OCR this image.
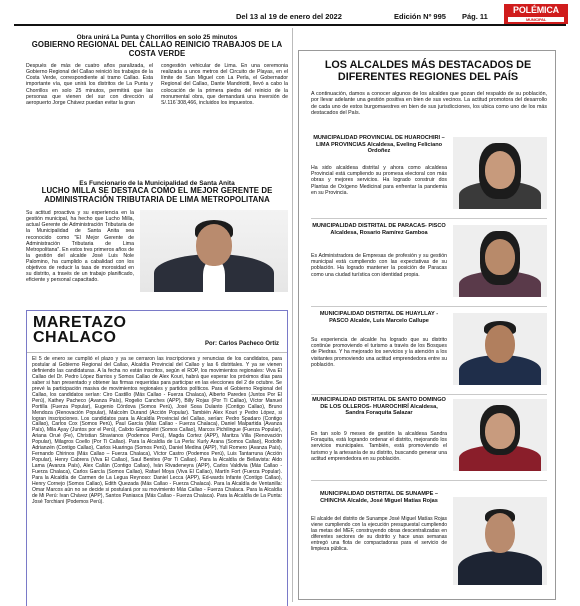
Del 13 al 19 de enero del 2022	Edición Nº 995 Pág. 11
POLÉMICA
MUNICIPAL
Obra unirá La Punta y Chorrillos en solo 25 minutos
GOBIERNO REGIONAL DEL CALLAO REINICIO TRABAJOS DE LA COSTA VERDE
Después de más de cuatro años paralizada, el Gobierno Regional del Callao reinició los trabajos de la Costa Verde, correspondiente al tramo Callao. Esta importante vía, que unirá los distritos de La Punta y Chorrillos en solo 25 minutos, permitirá que las personas que vienen del sur con dirección al aeropuerto Jorge Chávez puedan evitar la gran
congestión vehicular de Lima. En una ceremonia realizada a unos metros del Circuito de Playas, en el límite de San Miguel con La Perla, el Gobernador Regional del Callao, Dante Mandriotti, llevó a cabo la colocación de la primera piedra del reinicio de la monumental obra, que demandará una inversión de S/.116´308,466, incluidos los impuestos.
Es Funcionario de la Municipalidad de Santa Anita
LUCHO MILLA SE DESTACA COMO EL MEJOR GERENTE DE ADMINISTRACIÓN TRIBUTARIA DE LIMA METROPOLITANA
Su actitud proactiva y su experiencia en la gestión municipal, ha hecho que Lucho Milla, actual Gerente de Administración Tributaria de la Municipalidad de Santa Anita sea reconocido como "El Mejor Gerente de Administración Tributaria de Lima Metropolitana". En estos tres primeros años de la gestión del alcalde José Luis Nole Palomino, ha cumplido a cabalidad con los objetivos de reducir la tasa de morosidad en su distrito, a través de un trabajo planificado, eficiente y personal capacitado.
MARETAZO
CHALACO	Por: Carlos Pacheco Ortiz
El 5 de enero se cumplió el plazo y ya se cerraron las inscripciones y renuncias de los candidatos, para postular al Gobierno Regional del Callao, Alcaldía Provincial del Callao y las 6 distritales. Y ya se vienen definiendo las candidaturas. A la fecha no están inscritos, según el ROP, los movimientos regionales: Viva El Callao del Dr. Pedro López Barrios y Somos Callao de Alex Kouri, habrá que esperar los próximos días para saber si han presentado y obtener las firmas requeridas para participar en las elecciones del 2 de octubre. Se prevé la participación masiva de movimientos regionales y partidos políticos. Para el Gobierno Regional del Callao, los candidatos serían: Ciro Castillo (Más Callao - Fuerza Chalaca), Alberto Paredes (Juntos Por El Perú), Kathey Pacheco (Avanza País), Rogelio Canches (APP), Billy Rojas (Por Ti Callao), Víctor Manuel Portilla (Fuerza Popular), Eugenio Córdova (Somos Perú), José Sosa Dulanto (Contigo Callao), Bruno Mendoza (Renovación Popular), Malcolm Durand (Acción Popular). También Alex Kouri y Pedro López, si logran inscripciones. Los candidatos para la Alcaldía Provincial del Callao, serían: Pedro Spadaro (Contigo Callao), Carlos Cox (Somos Perú), Paul García (Más Callao - Fuerza Chalaca), Daniel Malpartida (Avanza País), Mila Ayay (Juntos por el Perú), Calixto Giampietri (Somos Callao), Marcos Pichilingue (Fuerza Popular), Ariana Orué (Fe), Christian Stravianos (Podemos Perú), Magda Cortez (APP), Maritza Villa (Renovación Popular), Milagros Coello (Por Ti Callao). Para la Alcaldía de La Perla: Kurly Arana (Somos Callao), Rodolfo Adrianzén (Contigo Callao), Carlos Huaringa (Somos Perú), Daniel Medina (APP), Yuli Romero (Avanza País), Fernando Chirinos (Más Callao – Fuerza Chalaca), Víctor Castro (Podemos Perú), Luis Tantarruna (Acción Popular), Henry Cabrera (Viva El Callao), Saul Benites (Por Ti Callao). Para la Alcaldía de Bellavista: Aldo Lama (Avanza País), Alex Callán (Contigo Callao), Iván Rivadeneyra (APP), Carlos Valdivia (Más Callao - Fuerza Chalaca), Carlos García (Somos Callao), Rafael Moya (Viva El Callao), Martín Fort (Fuerza Popular). Para la Alcaldía de Carmen de La Legua Reynoso: Daniel Lecca (APP), Ed-wards Infante (Contigo Callao), Henry Cornejo (Somos Callao), Edith Quezada (Más Callao - Fuerza Chalaca). Para la Alcaldía de Ventanilla: Omar Marcos aún no se decide si postulará por su movimiento Más Callao - Fuerza Chalaca. Para la Alcaldía de Mi Perú: Ivan Chávez (APP), Santos Paniasca (Más Callao - Fuerza Chalaca). Para la Alcaldía de La Punta: José Torchiani (Podemos Perú).
LOS ALCALDES MÁS DESTACADOS DE DIFERENTES REGIONES DEL PAÍS
A continuación, damos a conocer algunos de los alcaldes que gozan del respaldo de su población, por llevar adelante una gestión positiva en bien de sus vecinos. La actitud promotora del desarrollo de cada uno de estos burgomaestres en bien de sus jurisdicciones, los ubica como uno de los más destacados del País.
MUNICIPALIDAD PROVINCIAL DE HUAROCHIRI – LIMA PROVINCIAS Alcaldesa, Eveling Feliciano Ordoñez
Ha sido alcaldesa distrital y ahora como alcaldesa Provincial está cumpliendo su promesa electoral con más obras y mejores servicios. Ha logrado construir dos Plantas de Oxígeno Medicinal para enfrentar la pandemia en su Provincia.
MUNICIPALIDAD DISTRITAL DE PARACAS- PISCO Alcaldesa, Rosario Ramírez Gamboa
Es Administradora de Empresas de profesión y su gestión municipal está cumpliendo con las expectativas de su población. Ha logrado mantener la posición de Paracas como una ciudad turística con identidad propia.
MUNICIPALIDAD DISTRITAL DE HUAYLLAY - PASCO Alcalde, Luis Marcelo Callupe
Su experiencia de alcalde ha logrado que su distrito continúe promoviendo el turismo a través de los Bosques de Piedras. Y ha mejorado los servicios y la atención a los visitantes promoviendo una actitud emprendedora entre su población.
MUNICIPALIDAD DISTRITAL DE SANTO DOMINGO DE LOS OLLEROS- HUAROCHIRÍ Alcaldesa, Sandra Foraquita Salazar
En tan solo 9 meses de gestión la alcaldesa Sandra Foraquita, está logrando ordenar el distrito, mejorando los servicios municipales. También, está promoviendo el turismo y la artesanía de su distrito, buscando generar una actitud emprendedora en su población.
MUNICIPALIDAD DISTRITAL DE SUNAMPE – CHINCHA Alcalde, José Miguel Matías Rojas
El alcalde del distrito de Sunampe José Miguel Matías Rojas viene cumpliendo con la ejecución presupuestal cumpliendo las metas del MEF, construyendo obras descentralizadas en diferentes sectores de su distrito y hace unas semanas entregó una flota de compactadoras para el servicio de limpieza pública.
